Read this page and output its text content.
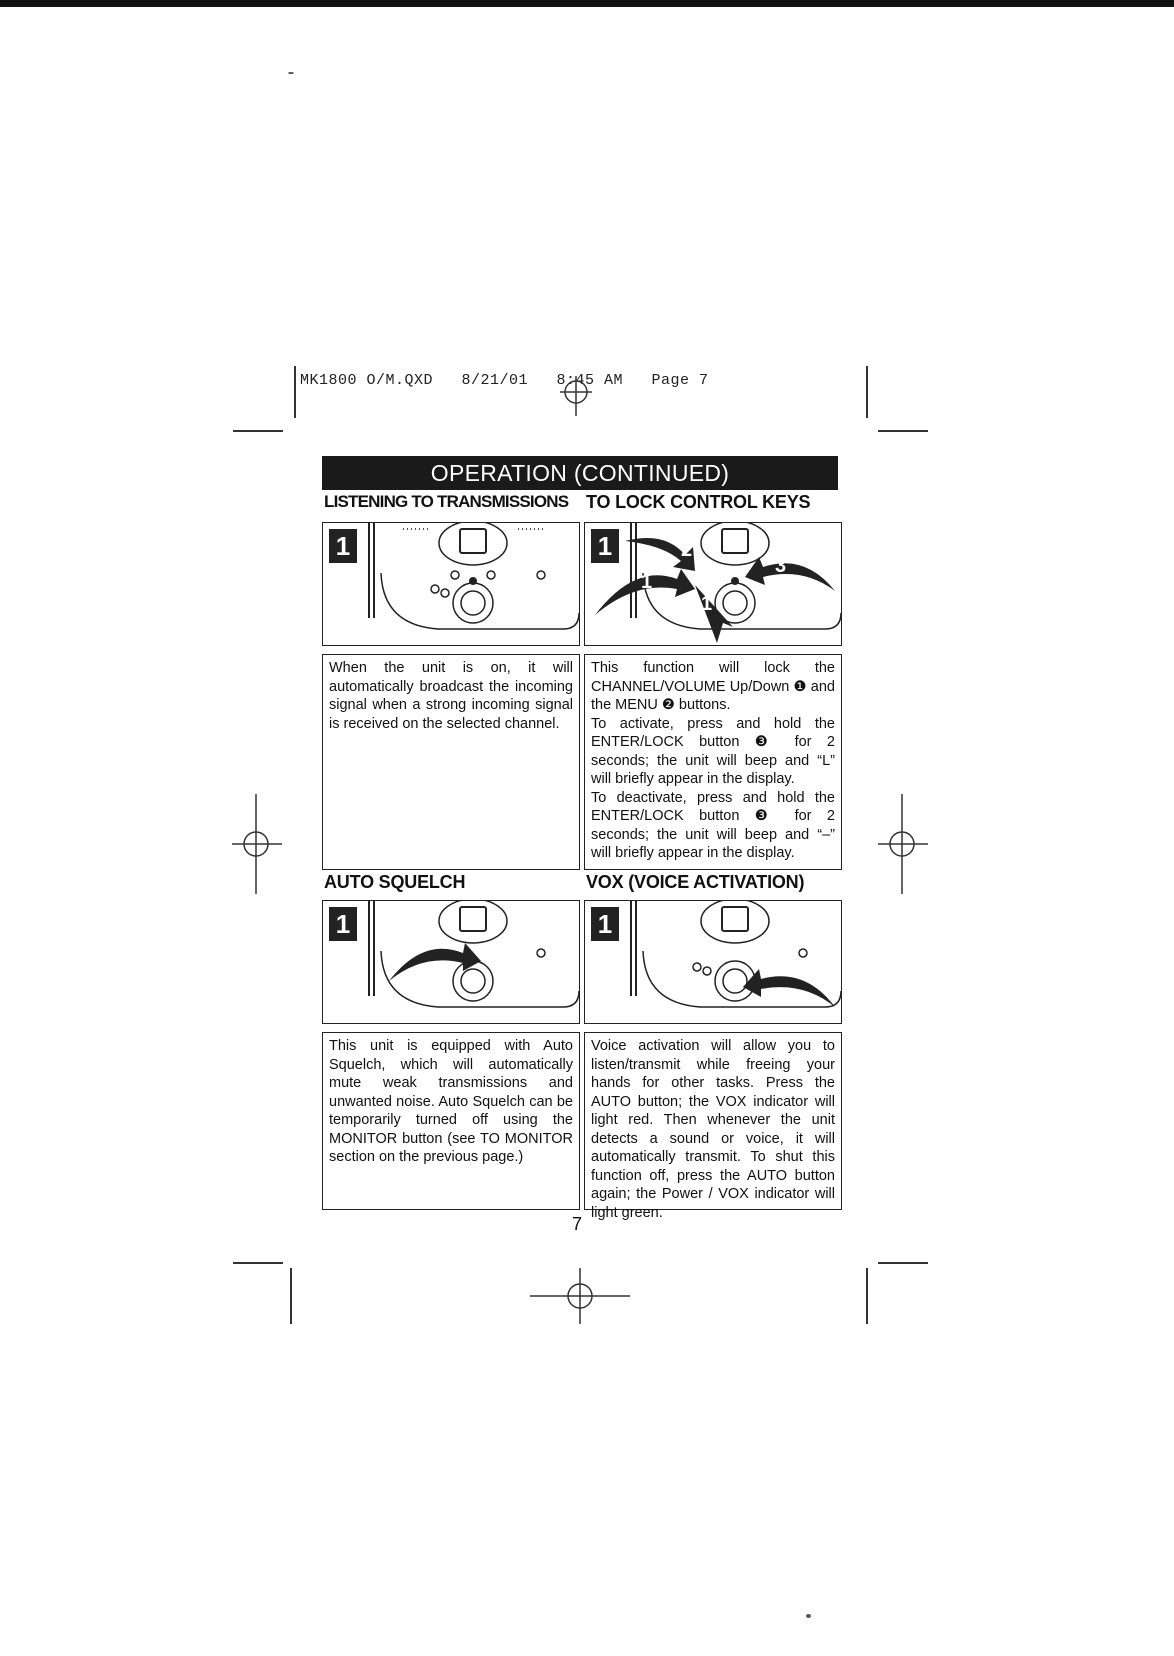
MK1800 O/M.QXD   8/21/01   8:45 AM   Page 7
OPERATION (CONTINUED)
LISTENING TO TRANSMISSIONS TO LOCK CONTROL KEYS
AUTO SQUELCH	VOX (VOICE ACTIVATION)
1	1
1
2
3
1

When the unit is on, it will automatically broadcast the incoming signal when a strong incoming signal is received on the selected channel.

This function will lock the CHANNEL/VOLUME Up/Down ❶ and the MENU ❷ buttons.

To activate, press and hold the ENTER/LOCK button ❸ for 2 seconds; the unit will beep and “L” will briefly appear in the display.

To deactivate, press and hold the ENTER/LOCK button ❸ for 2 seconds; the unit will beep and “–” will briefly appear in the display.

1	1

This unit is equipped with Auto Squelch, which will automatically mute weak transmissions and unwanted noise. Auto Squelch can be temporarily turned off using the MONITOR button (see TO MONITOR section on the previous page.)

Voice activation will allow you to listen/transmit while freeing your hands for other tasks. Press the AUTO button; the VOX indicator will light red. Then whenever the unit detects a sound or voice, it will automatically transmit. To shut this function off, press the AUTO button again; the Power / VOX indicator will light green.

7
